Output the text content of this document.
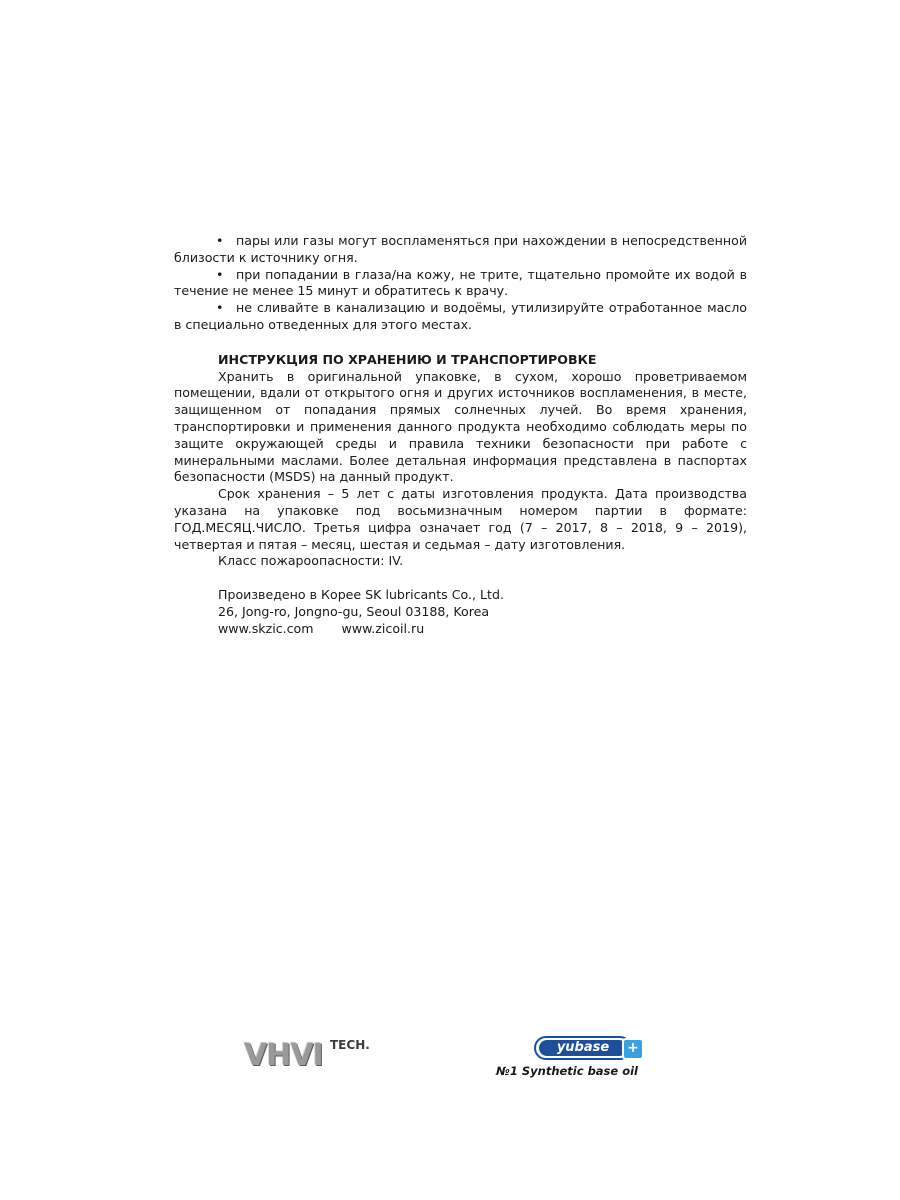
• пары или газы могут воспламеняться при нахождении в непосредственной близости к источнику огня.
• при попадании в глаза/на кожу, не трите, тщательно промойте их водой в течение не менее 15 минут и обратитесь к врачу.
• не сливайте в канализацию и водоёмы, утилизируйте отработанное масло в специально отведенных для этого местах.
ИНСТРУКЦИЯ ПО ХРАНЕНИЮ И ТРАНСПОРТИРОВКЕ
Хранить в оригинальной упаковке, в сухом, хорошо проветриваемом помещении, вдали от открытого огня и других источников воспламенения, в месте, защищенном от попадания прямых солнечных лучей. Во время хранения, транспортировки и применения данного продукта необходимо соблюдать меры по защите окружающей среды и правила техники безопасности при работе с минеральными маслами. Более детальная информация представлена в паспортах безопасности (MSDS) на данный продукт.
Срок хранения – 5 лет с даты изготовления продукта. Дата производства указана на упаковке под восьмизначным номером партии в формате: ГОД.МЕСЯЦ.ЧИСЛО. Третья цифра означает год (7 – 2017, 8 – 2018, 9 – 2019), четвертая и пятая – месяц, шестая и седьмая – дату изготовления.
Класс пожароопасности: IV.
Произведено в Корее SK lubricants Co., Ltd.
26, Jong-ro, Jongno-gu, Seoul 03188, Korea
www.skzic.com www.zicoil.ru
VHVI TECH.	yubase	+
№1 Synthetic base oil
